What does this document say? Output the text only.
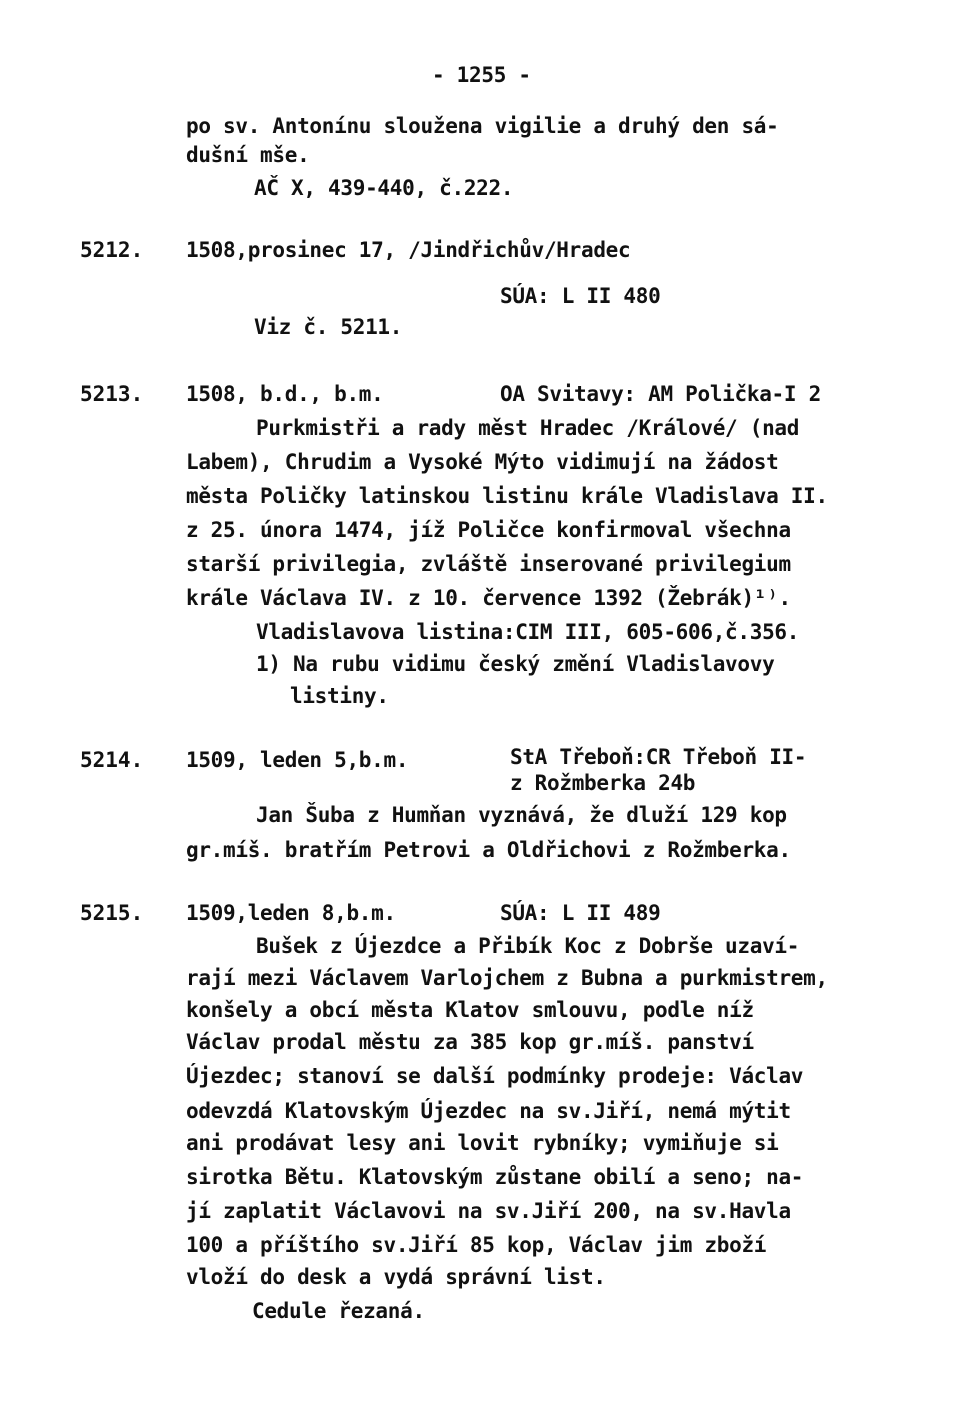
- 1255 -
po sv. Antonínu sloužena vigilie a druhý den sá-
dušní mše.
AČ X, 439-440, č.222.
5212. 1508,prosinec 17, /Jindřichův/Hradec
SÚA: L II 480
Viz č. 5211.
5213. 1508, b.d., b.m.	OA Svitavy: AM Polička-I 2
Purkmistři a rady měst Hradec /Králové/ (nad
Labem), Chrudim a Vysoké Mýto vidimují na žádost
města Poličky latinskou listinu krále Vladislava II.
z 25. února 1474, jíž Poličce konfirmoval všechna
starší privilegia, zvláště inserované privilegium
krále Václava IV. z 10. července 1392 (Žebrák)¹⁾.
Vladislavova listina:CIM III, 605-606,č.356.
1) Na rubu vidimu český změní Vladislavovy
listiny.
5214. 1509, leden 5,b.m.	StA Třeboň:CR Třeboň II-
z Rožmberka 24b
Jan Šuba z Humňan vyznává, že dluží 129 kop
gr.míš. bratřím Petrovi a Oldřichovi z Rožmberka.
5215. 1509,leden 8,b.m.	SÚA: L II 489
Bušek z Újezdce a Přibík Koc z Dobrše uzaví-
rají mezi Václavem Varlojchem z Bubna a purkmistrem,
konšely a obcí města Klatov smlouvu, podle níž
Václav prodal městu za 385 kop gr.míš. panství
Újezdec; stanoví se další podmínky prodeje: Václav
odevzdá Klatovským Újezdec na sv.Jiří, nemá mýtit
ani prodávat lesy ani lovit rybníky; vymiňuje si
sirotka Bětu. Klatovským zůstane obilí a seno; na-
jí zaplatit Václavovi na sv.Jiří 200, na sv.Havla
100 a příštího sv.Jiří 85 kop, Václav jim zboží
vloží do desk a vydá správní list.
Cedule řezaná.
